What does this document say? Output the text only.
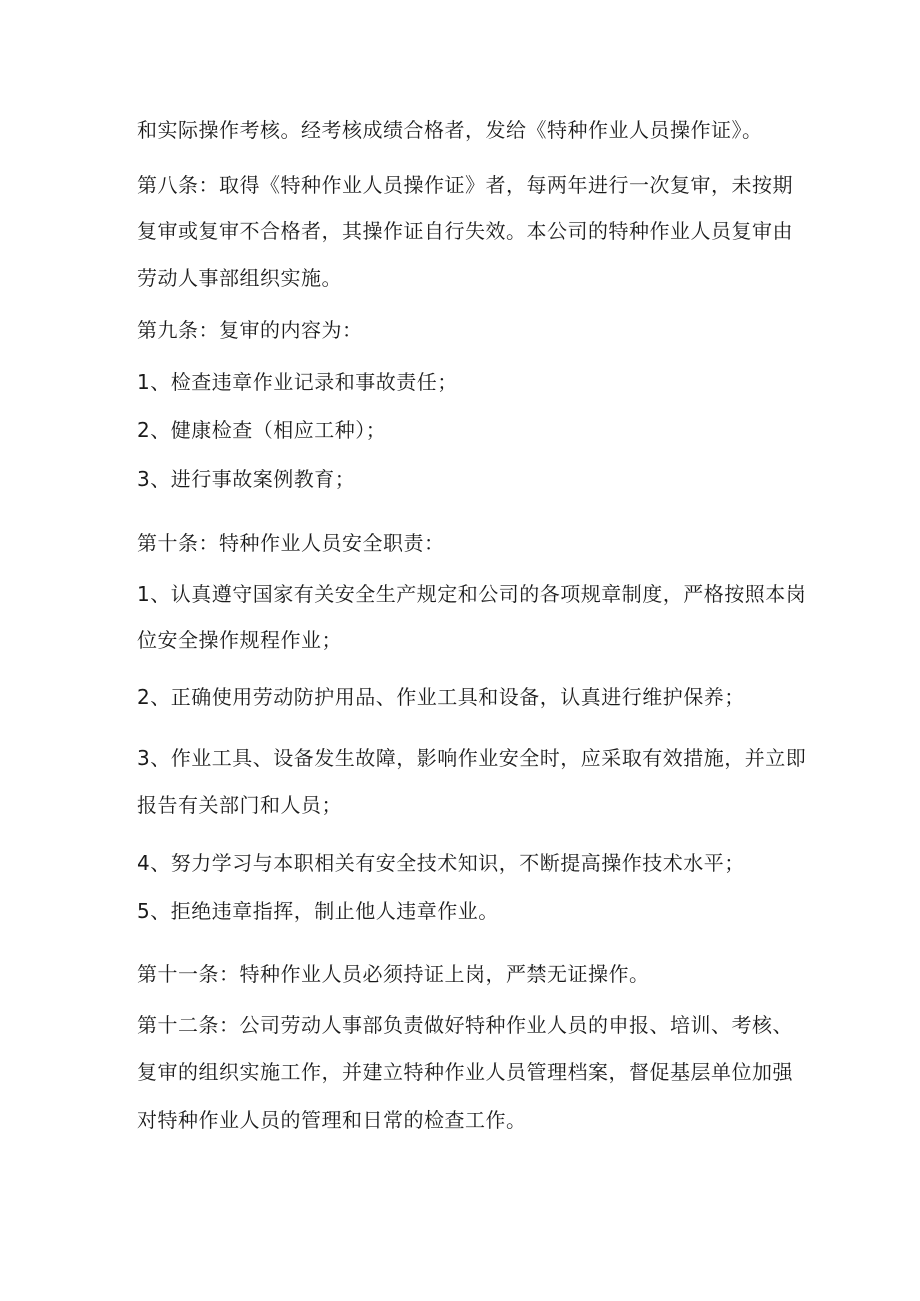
和实际操作考核。经考核成绩合格者，发给《特种作业人员操作证》。
第八条：取得《特种作业人员操作证》者，每两年进行一次复审，未按期
复审或复审不合格者，其操作证自行失效。本公司的特种作业人员复审由
劳动人事部组织实施。
第九条：复审的内容为：
1、检查违章作业记录和事故责任；
2、健康检查（相应工种）；
3、进行事故案例教育；
第十条：特种作业人员安全职责：
1、认真遵守国家有关安全生产规定和公司的各项规章制度，严格按照本岗
位安全操作规程作业；
2、正确使用劳动防护用品、作业工具和设备，认真进行维护保养；
3、作业工具、设备发生故障，影响作业安全时，应采取有效措施，并立即
报告有关部门和人员；
4、努力学习与本职相关有安全技术知识，不断提高操作技术水平；
5、拒绝违章指挥，制止他人违章作业。
第十一条：特种作业人员必须持证上岗，严禁无证操作。
第十二条：公司劳动人事部负责做好特种作业人员的申报、培训、考核、
复审的组织实施工作，并建立特种作业人员管理档案，督促基层单位加强
对特种作业人员的管理和日常的检查工作。
